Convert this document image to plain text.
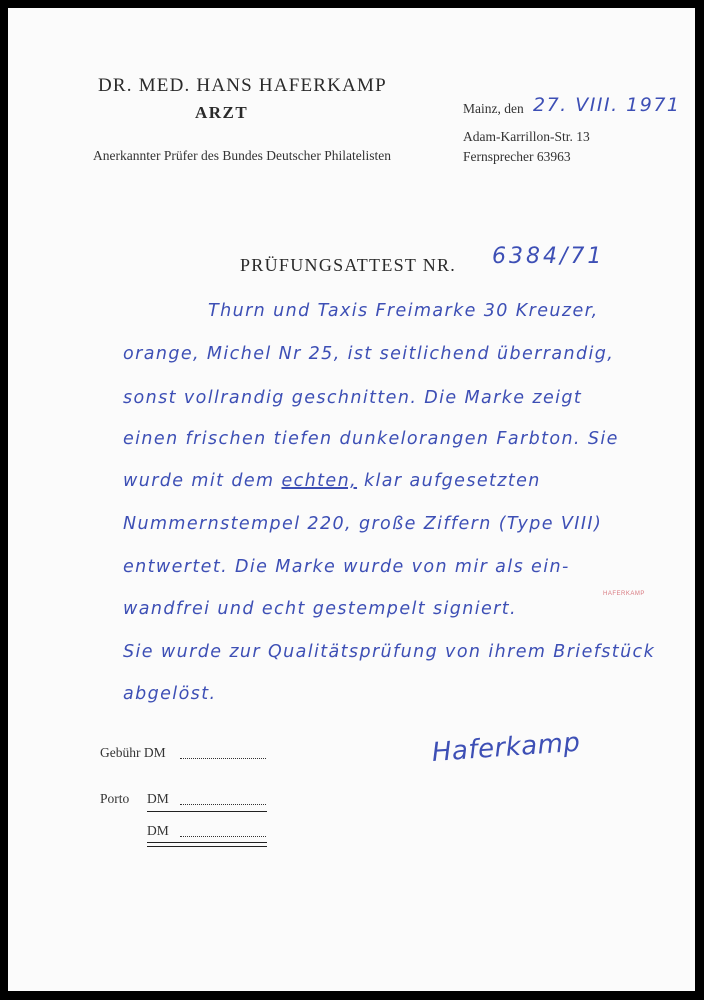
DR. MED. HANS HAFERKAMP
ARZT
Anerkannter Prüfer des Bundes Deutscher Philatelisten
Mainz, den 27. VIII. 1971
Adam-Karrillon-Str. 13
Fernsprecher 63963
PRÜFUNGSATTEST NR. 6384/71
Thurn und Taxis Freimarke 30 Kreuzer,
orange, Michel Nr 25, ist seitlichend überrandig,
sonst vollrandig geschnitten. Die Marke zeigt
einen frischen tiefen dunkelorangen Farbton. Sie
wurde mit dem echten, klar aufgesetzten
Nummernstempel 220, große Ziffern (Type VIII)
entwertet. Die Marke wurde von mir als ein-
wandfrei und echt gestempelt signiert.
Sie wurde zur Qualitätsprüfung von ihrem Briefstück
abgelöst.
HAFERKAMP
Haferkamp
Gebühr DM
Porto DM
DM
